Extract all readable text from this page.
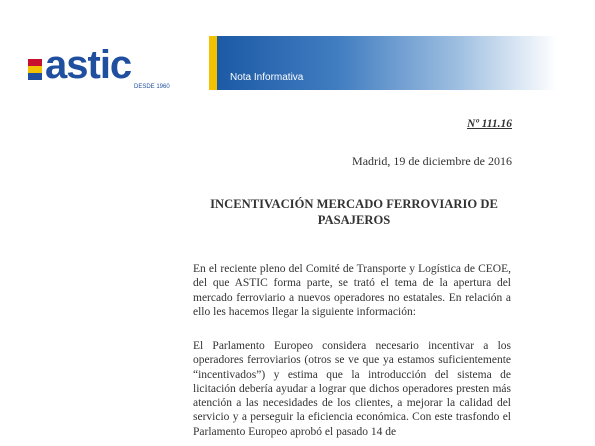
astic DESDE 1960
Nota Informativa
Nº 111.16
Madrid, 19 de diciembre de 2016
INCENTIVACIÓN MERCADO FERROVIARIO DE PASAJEROS
En el reciente pleno del Comité de Transporte y Logística de CEOE, del que ASTIC forma parte, se trató el tema de la apertura del mercado ferroviario a nuevos operadores no estatales. En relación a ello les hacemos llegar la siguiente información:
El Parlamento Europeo considera necesario incentivar a los operadores ferroviarios (otros se ve que ya estamos suficientemente “incentivados”) y estima que la introducción del sistema de licitación debería ayudar a lograr que dichos operadores presten más atención a las necesidades de los clientes, a mejorar la calidad del servicio y a perseguir la eficiencia económica. Con este trasfondo el Parlamento Europeo aprobó el pasado 14 de
